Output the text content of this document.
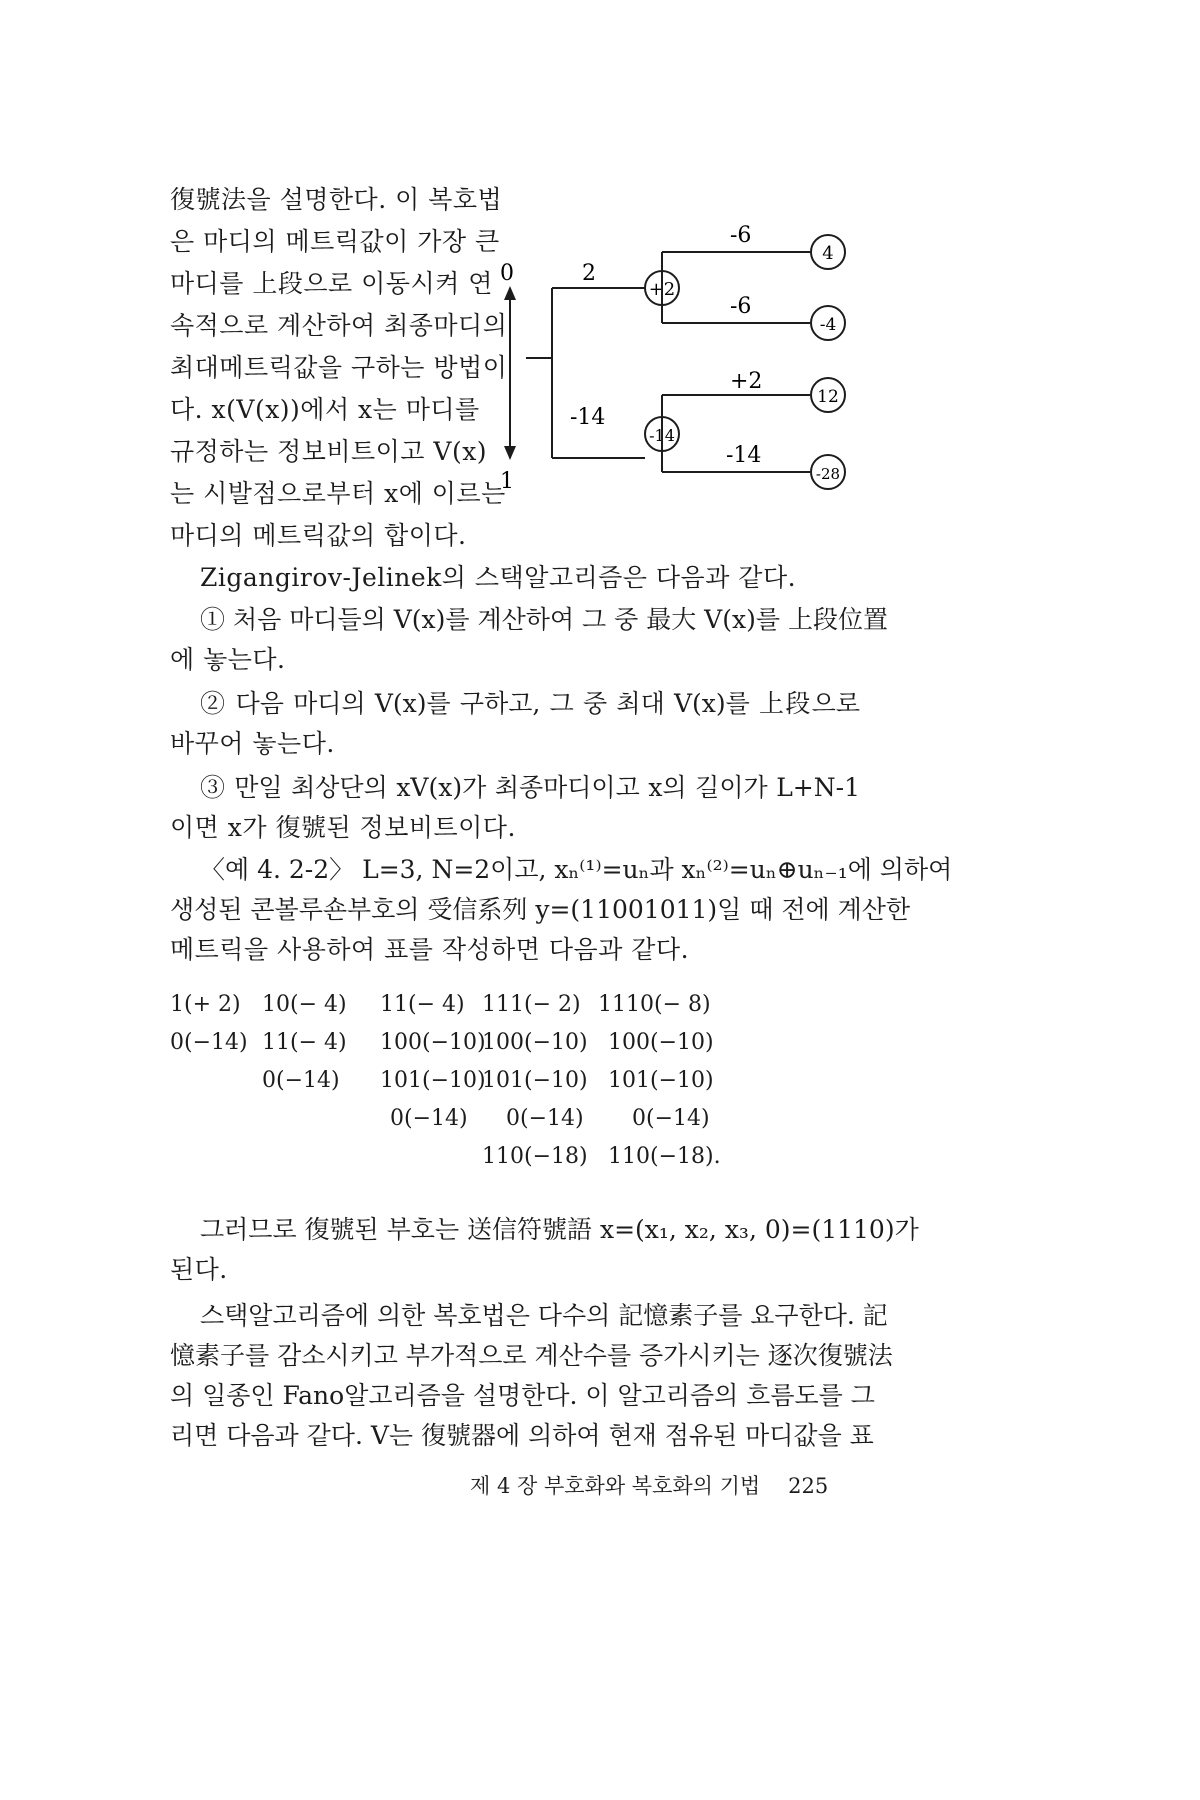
復號法을 설명한다. 이 복호법
은 마디의 메트릭값이 가장 큰
마디를 上段으로 이동시켜 연
속적으로 계산하여 최종마디의
최대메트릭값을 구하는 방법이
다. x(V(x))에서 x는 마디를
규정하는 정보비트이고 V(x)
는 시발점으로부터 x에 이르는
마디의 메트릭값의 합이다.
0
1
2
-14
+2
-14
-6
-6
+2
-14
4
-4
12
-28
Zigangirov-Jelinek의 스택알고리즘은 다음과 같다.
① 처음 마디들의 V(x)를 계산하여 그 중 最大 V(x)를 上段位置
에 놓는다.
② 다음 마디의 V(x)를 구하고, 그 중 최대 V(x)를 上段으로
바꾸어 놓는다.
③ 만일 최상단의 xV(x)가 최종마디이고 x의 길이가 L+N-1
이면 x가 復號된 정보비트이다.
〈예 4. 2-2〉 L=3, N=2이고, xₙ⁽¹⁾=uₙ과 xₙ⁽²⁾=uₙ⊕uₙ₋₁에 의하여
생성된 콘볼루숀부호의 受信系列 y=(11001011)일 때 전에 계산한
메트릭을 사용하여 표를 작성하면 다음과 같다.
1(+ 2)
0(−14)
10(− 4)
11(− 4)
0(−14)
11(− 4)
100(−10)
101(−10)
0(−14)
111(− 2)
100(−10)
101(−10)
0(−14)
110(−18)
1110(− 8)
100(−10)
101(−10)
0(−14)
110(−18).
그러므로 復號된 부호는 送信符號語 x=(x₁, x₂, x₃, 0)=(1110)가
된다.
스택알고리즘에 의한 복호법은 다수의 記憶素子를 요구한다. 記
憶素子를 감소시키고 부가적으로 계산수를 증가시키는 逐次復號法
의 일종인 Fano알고리즘을 설명한다. 이 알고리즘의 흐름도를 그
리면 다음과 같다. V는 復號器에 의하여 현재 점유된 마디값을 표
제 4 장 부호화와 복호화의 기법 225
